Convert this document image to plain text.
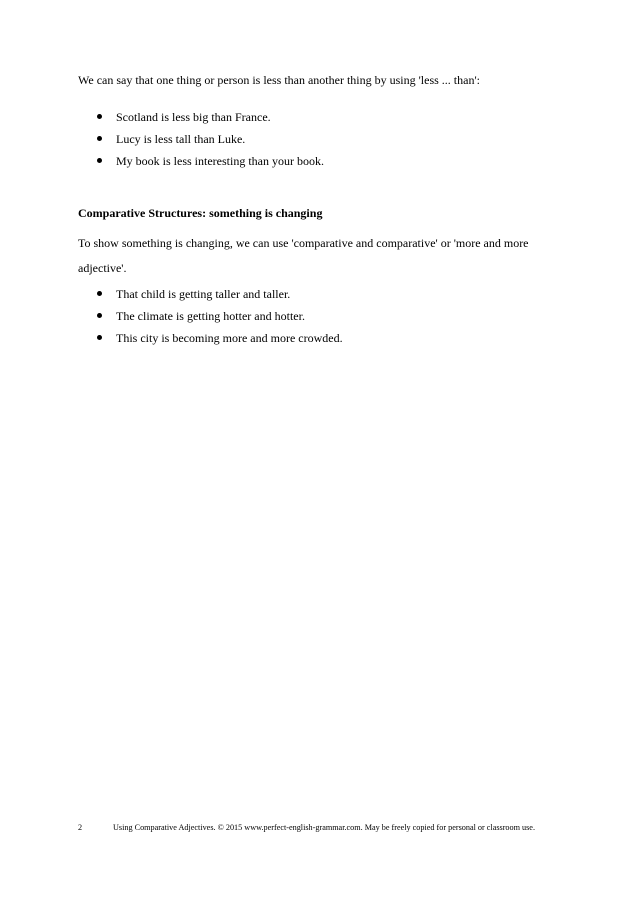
We can say that one thing or person is less than another thing by using 'less ... than':

Scotland is less big than France.
Lucy is less tall than Luke.
My book is less interesting than your book.

Comparative Structures: something is changing

To show something is changing, we can use 'comparative and comparative' or 'more and more adjective'.

That child is getting taller and taller.
The climate is getting hotter and hotter.
This city is becoming more and more crowded.
2	Using Comparative Adjectives. © 2015 www.perfect-english-grammar.com. May be freely copied for personal or classroom use.
